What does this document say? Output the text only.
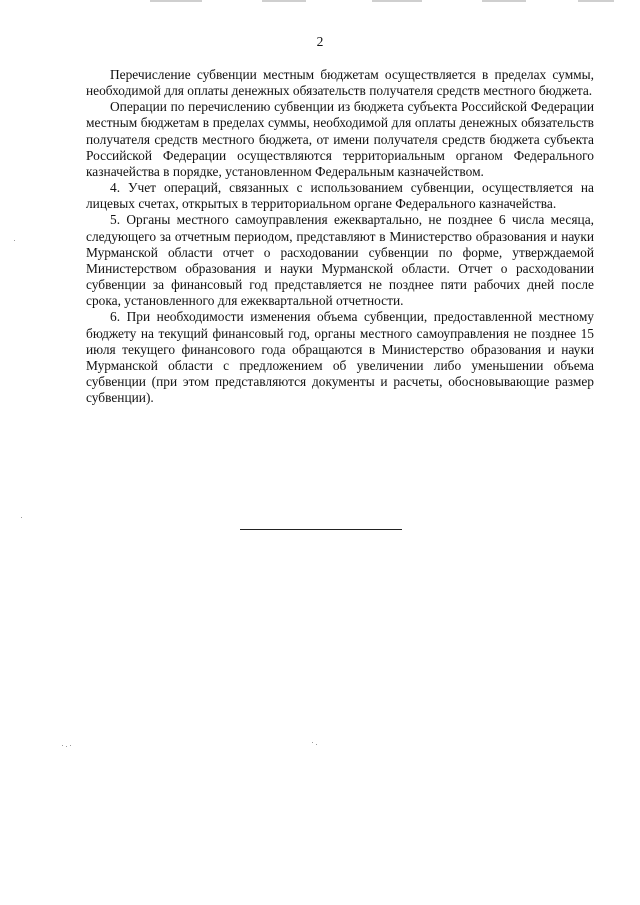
2

Перечисление субвенции местным бюджетам осуществляется в пределах суммы, необходимой для оплаты денежных обязательств получателя средств местного бюджета.

Операции по перечислению субвенции из бюджета субъекта Российской Федерации местным бюджетам в пределах суммы, необходимой для оплаты денежных обязательств получателя средств местного бюджета, от имени получателя средств бюджета субъекта Российской Федерации осуществляются территориальным органом Федерального казначейства в порядке, установленном Федеральным казначейством.

4. Учет операций, связанных с использованием субвенции, осуществляется на лицевых счетах, открытых в территориальном органе Федерального казначейства.

5. Органы местного самоуправления ежеквартально, не позднее 6 числа месяца, следующего за отчетным периодом, представляют в Министерство образования и науки Мурманской области отчет о расходовании субвенции по форме, утверждаемой Министерством образования и науки Мурманской области. Отчет о расходовании субвенции за финансовый год представляется не позднее пяти рабочих дней после срока, установленного для ежеквартальной отчетности.

6. При необходимости изменения объема субвенции, предоставленной местному бюджету на текущий финансовый год, органы местного самоуправления не позднее 15 июля текущего финансового года обращаются в Министерство образования и науки Мурманской области с предложением об увеличении либо уменьшении объема субвенции (при этом представляются документы и расчеты, обосновывающие размер субвенции).
